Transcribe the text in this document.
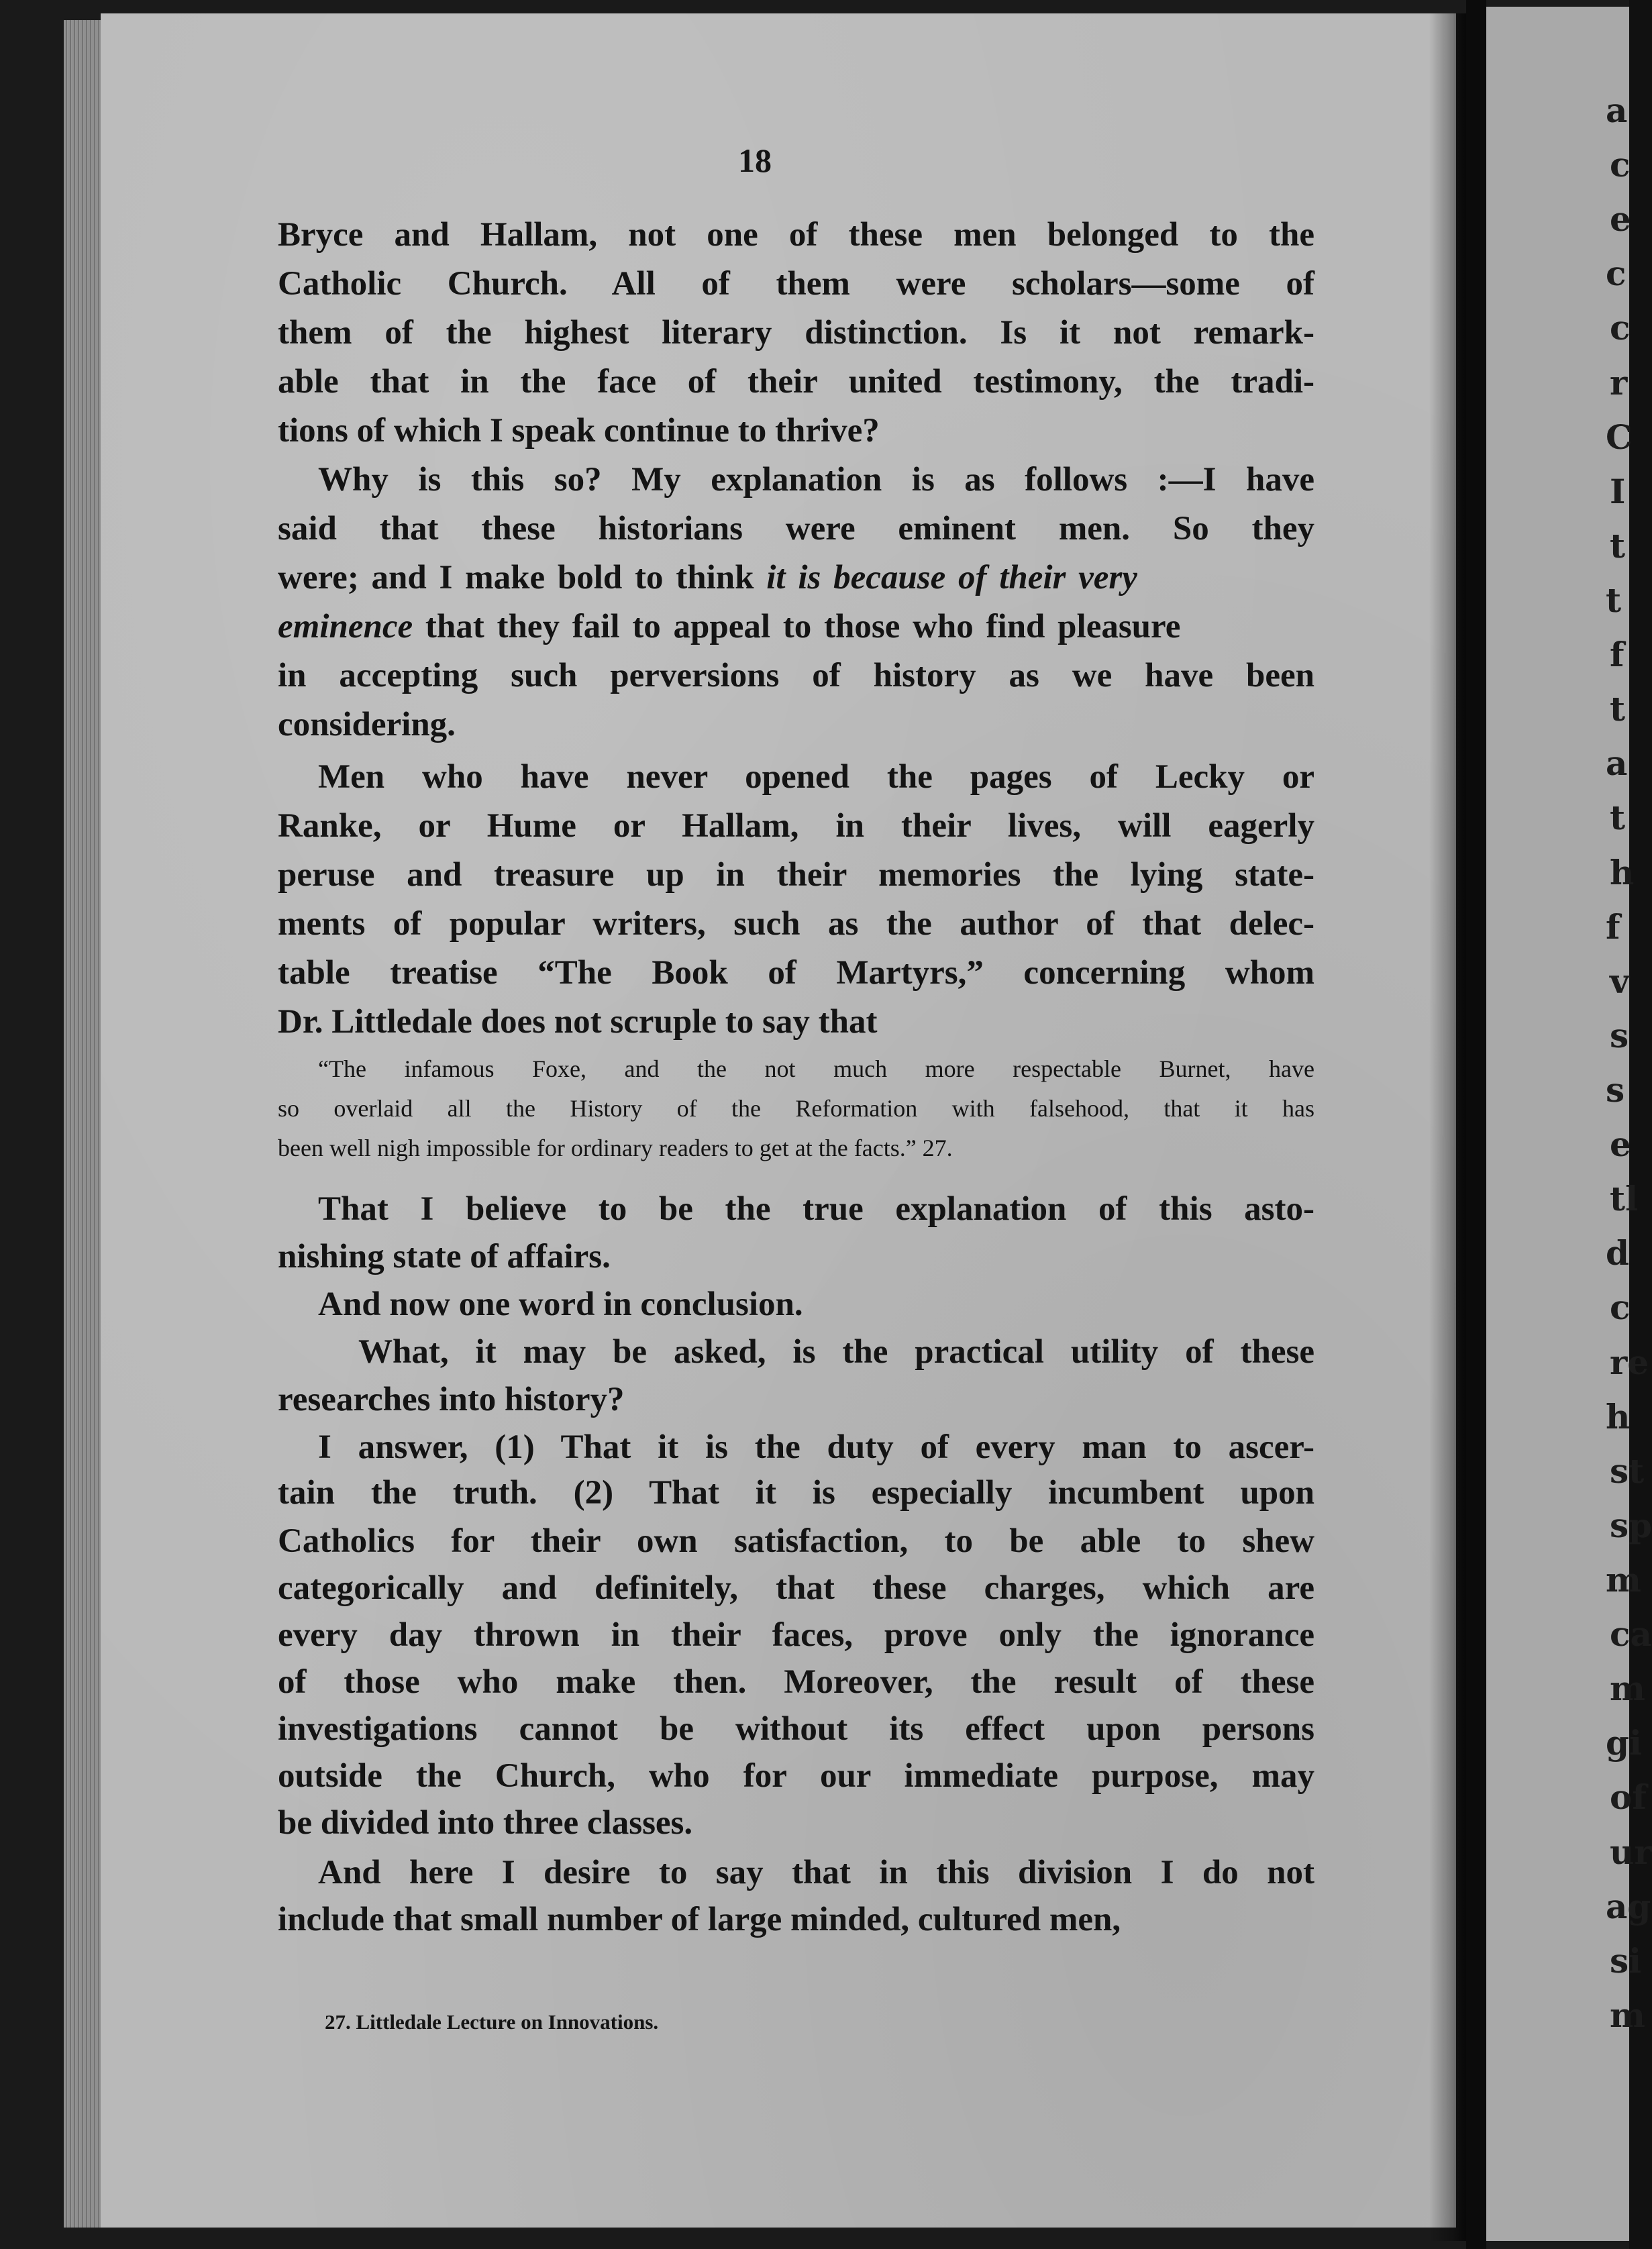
a
c
e
c
c
r
C
I
t
t
f
t
a
t
h
f
v
s
s
e
tl
d
c
re
h
st
sp
m
ca
m
gi
of
ur
ag
si
m
18
Bryce and Hallam, not one of these men belonged to the
Catholic Church. All of them were scholars—some of
them of the highest literary distinction. Is it not remark-
able that in the face of their united testimony, the tradi-
tions of which I speak continue to thrive?
Why is this so? My explanation is as follows :—I have
said that these historians were eminent men. So they
were; and I make bold to think it is because of their very
eminence that they fail to appeal to those who find pleasure
in accepting such perversions of history as we have been
considering.
Men who have never opened the pages of Lecky or
Ranke, or Hume or Hallam, in their lives, will eagerly
peruse and treasure up in their memories the lying state-
ments of popular writers, such as the author of that delec-
table treatise “The Book of Martyrs,” concerning whom
Dr. Littledale does not scruple to say that
“The infamous Foxe, and the not much more respectable Burnet, have
so overlaid all the History of the Reformation with falsehood, that it has
been well nigh impossible for ordinary readers to get at the facts.” 27.
That I believe to be the true explanation of this asto-
nishing state of affairs.
And now one word in conclusion.
What, it may be asked, is the practical utility of these
researches into history?
I answer, (1) That it is the duty of every man to ascer-
tain the truth. (2) That it is especially incumbent upon
27. Littledale Lecture on Innovations.
Catholics for their own satisfaction, to be able to shew
categorically and definitely, that these charges, which are
every day thrown in their faces, prove only the ignorance
of those who make then. Moreover, the result of these
investigations cannot be without its effect upon persons
outside the Church, who for our immediate purpose, may
be divided into three classes.
And here I desire to say that in this division I do not
include that small number of large minded, cultured men,
